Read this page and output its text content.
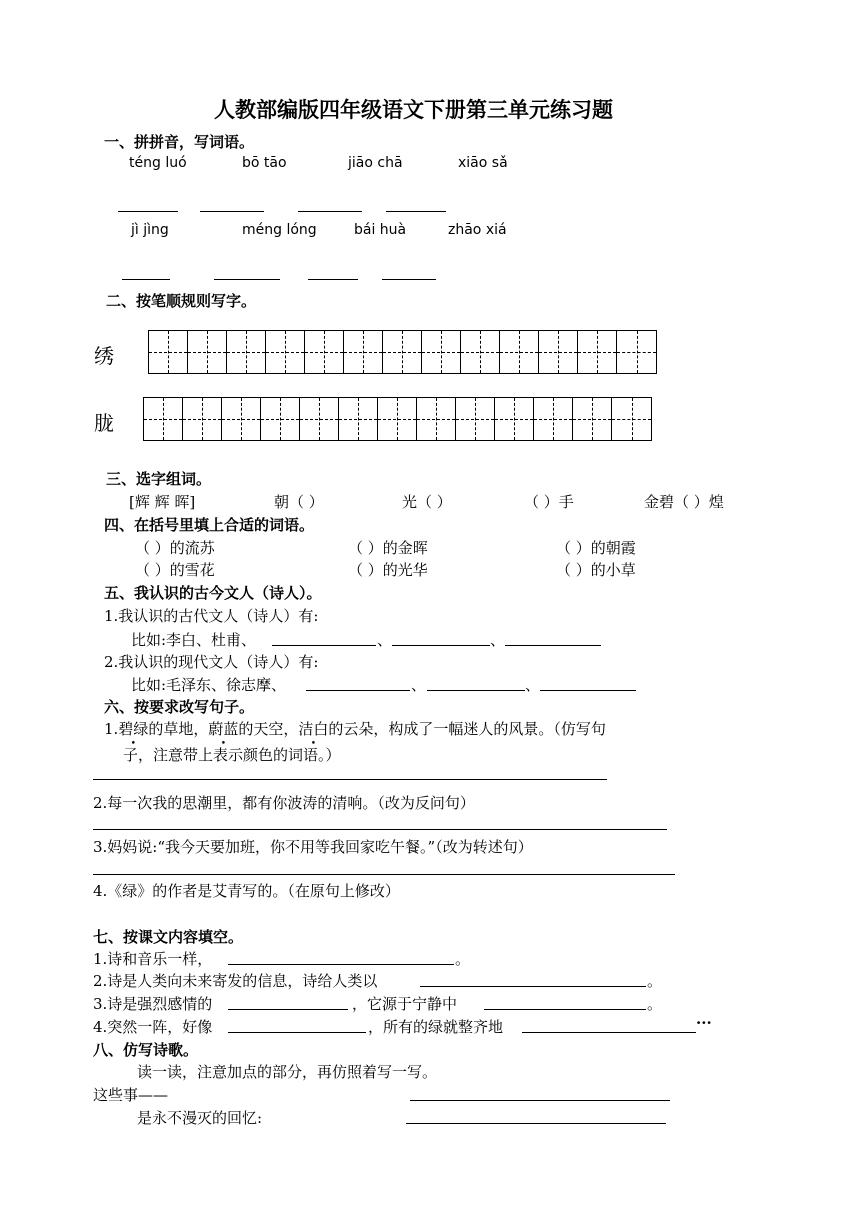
人教部编版四年级语文下册第三单元练习题
一、拼拼音，写词语。
téng luó	bō tāo	jiāo chā	xiāo sǎ
jì jìng	méng lóng	bái huà	zhāo xiá
二、按笔顺规则写字。
绣
胧
三、选字组词。
[辉 辉 晖]	朝（ ）	光（ ）	（ ）手	金碧（ ）煌
四、在括号里填上合适的词语。
（ ）的流苏	（ ）的金晖	（ ）的朝霞
（ ）的雪花	（ ）的光华	（ ）的小草
五、我认识的古今文人（诗人）。
1.我认识的古代文人（诗人）有:
比如:李白、杜甫、	、	、
2.我认识的现代文人（诗人）有:
比如:毛泽东、徐志摩、	、	、
六、按要求改写句子。
1.碧绿的草地，蔚蓝的天空，洁白的云朵，构成了一幅迷人的风景。（仿写句
子，注意带上表示颜色的词语。）
2.每一次我的思潮里，都有你波涛的清响。（改为反问句）
3.妈妈说:“我今天要加班，你不用等我回家吃午餐。”（改为转述句）
4.《绿》的作者是艾青写的。（在原句上修改）
七、按课文内容填空。
1.诗和音乐一样，	。
2.诗是人类向未来寄发的信息，诗给人类以	。
3.诗是强烈感情的	，它源于宁静中	。
4.突然一阵，好像	，所有的绿就整齐地	···
八、仿写诗歌。
读一读，注意加点的部分，再仿照着写一写。
这些事——
是永不漫灭的回忆:
